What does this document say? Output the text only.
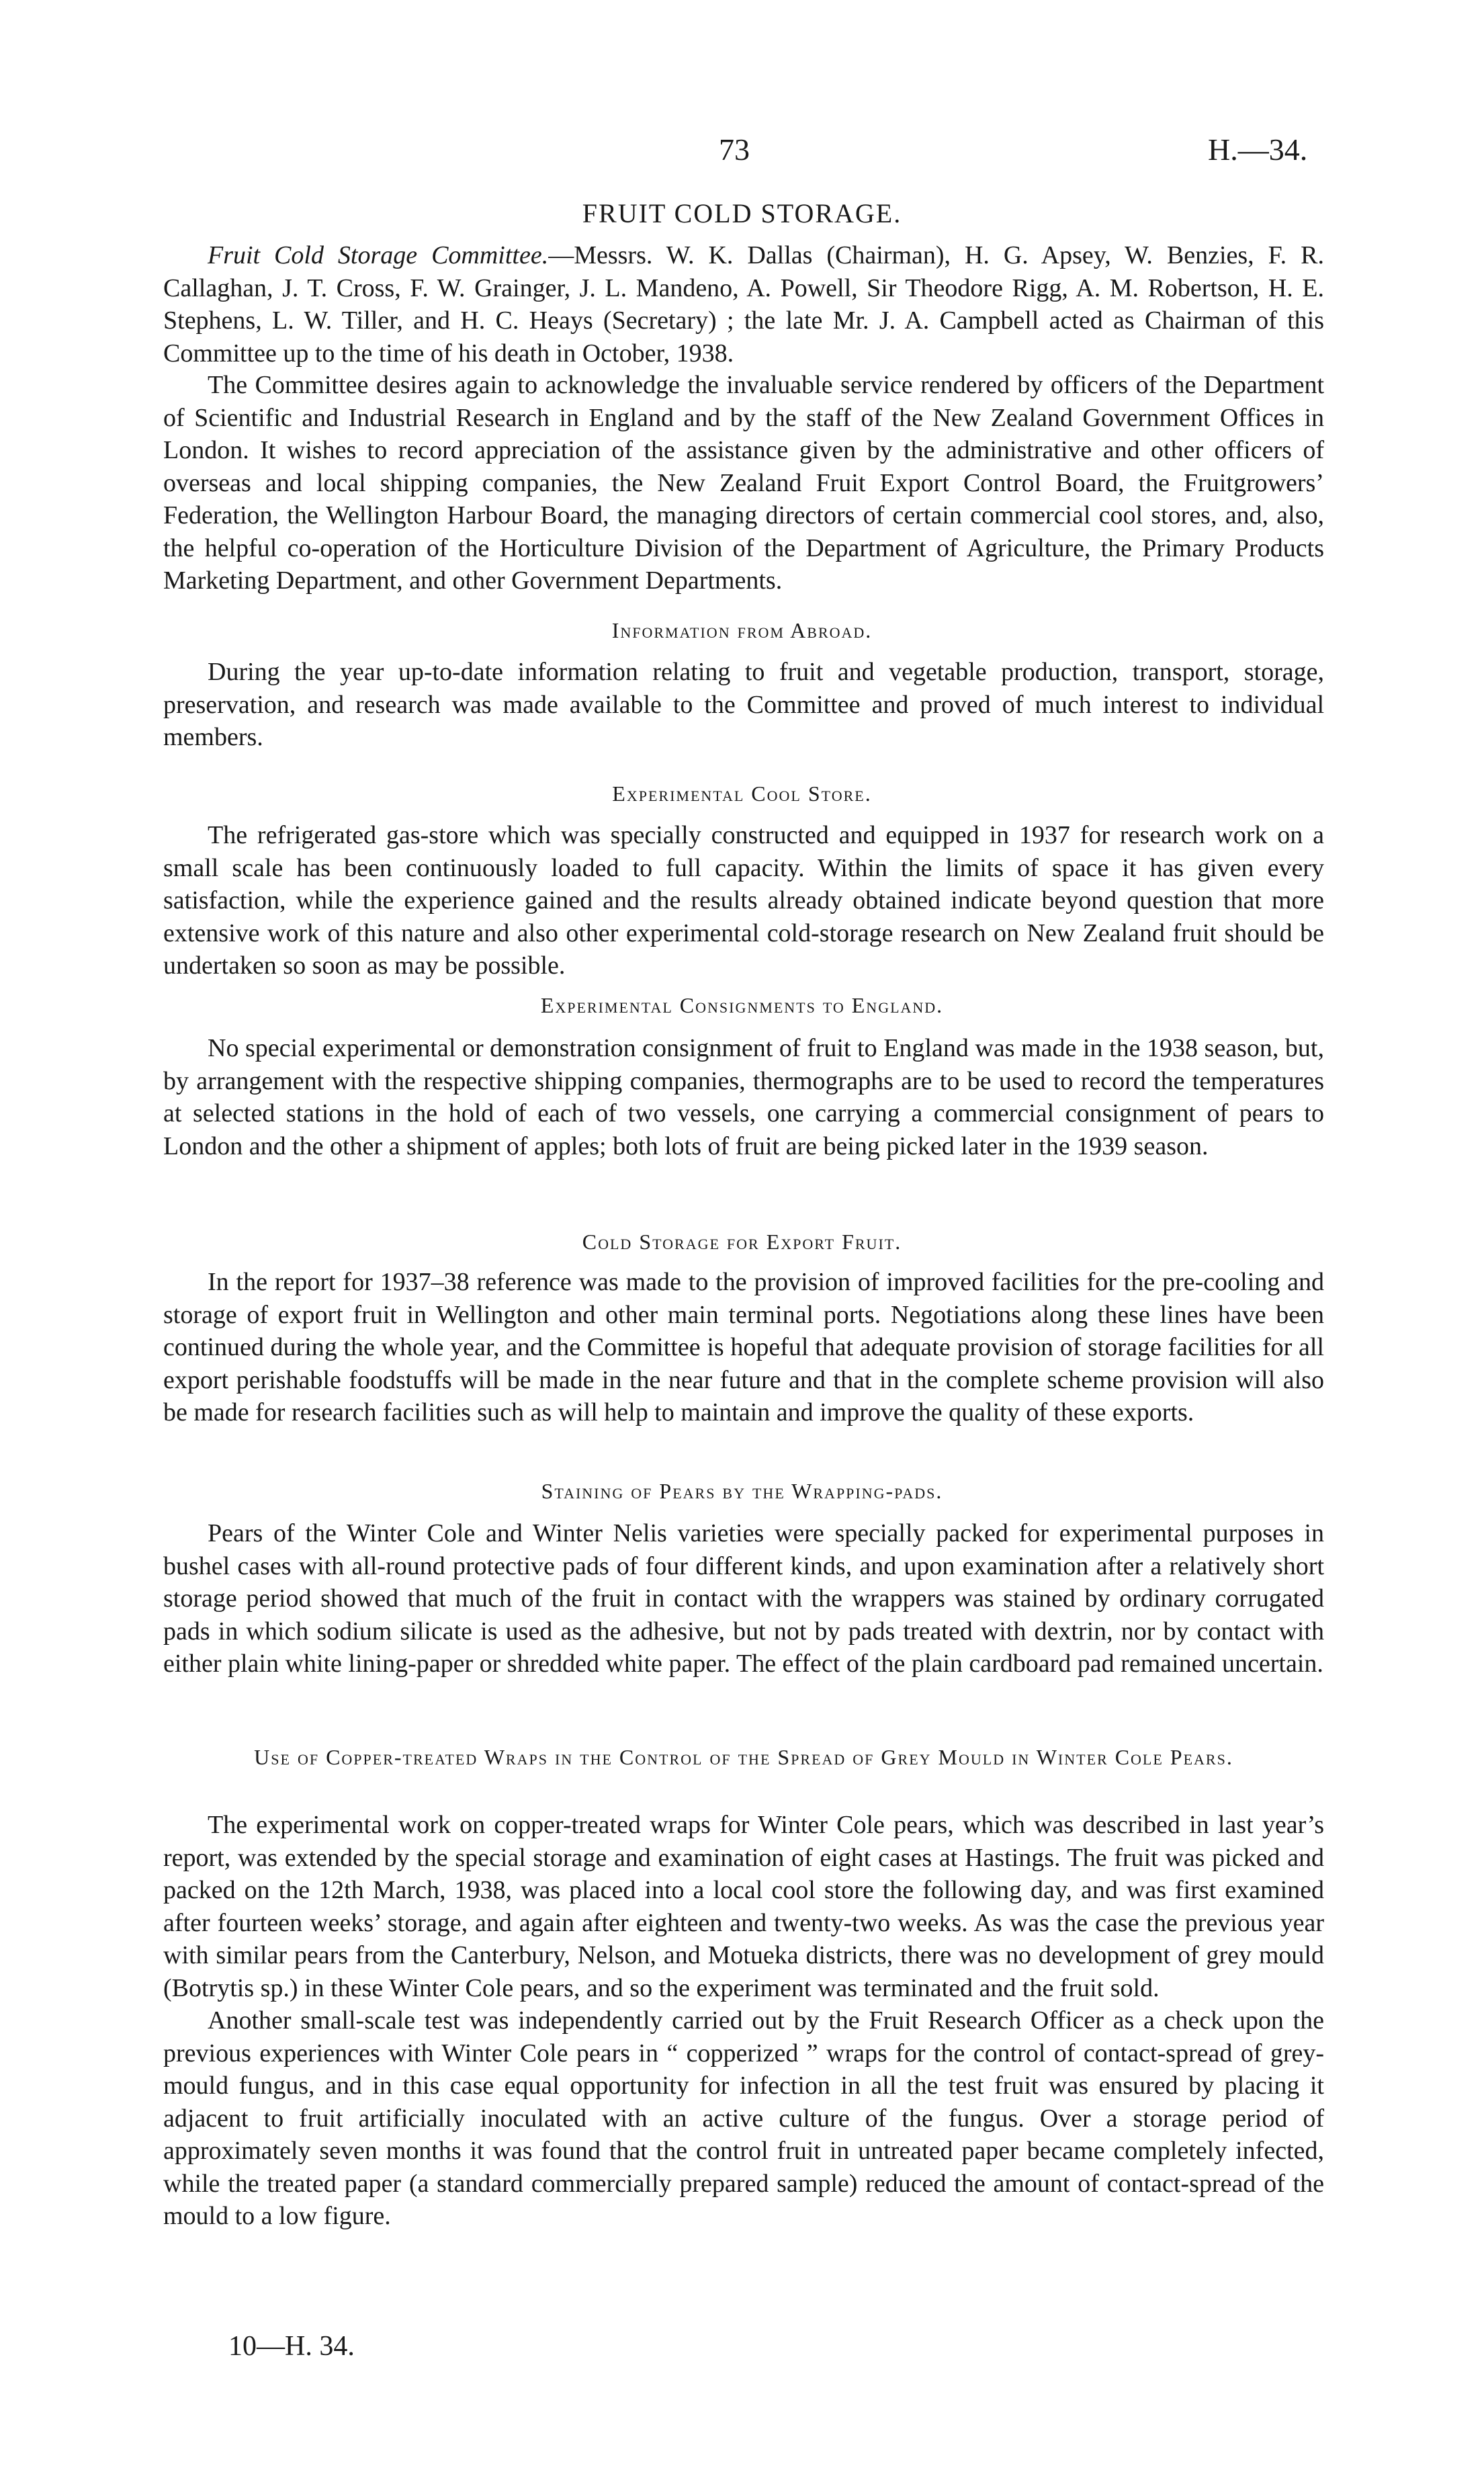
73	H.—34.
FRUIT COLD STORAGE.

Fruit Cold Storage Committee.—Messrs. W. K. Dallas (Chairman), H. G. Apsey, W. Benzies, F. R. Callaghan, J. T. Cross, F. W. Grainger, J. L. Mandeno, A. Powell, Sir Theodore Rigg, A. M. Robertson, H. E. Stephens, L. W. Tiller, and H. C. Heays (Secretary) ; the late Mr. J. A. Campbell acted as Chairman of this Committee up to the time of his death in October, 1938.

The Committee desires again to acknowledge the invaluable service rendered by officers of the Department of Scientific and Industrial Research in England and by the staff of the New Zealand Government Offices in London. It wishes to record appreciation of the assistance given by the administrative and other officers of overseas and local shipping companies, the New Zealand Fruit Export Control Board, the Fruitgrowers’ Federation, the Wellington Harbour Board, the managing directors of certain commercial cool stores, and, also, the helpful co-operation of the Horticulture Division of the Department of Agriculture, the Primary Products Marketing Department, and other Government Departments.

Information from Abroad.

During the year up-to-date information relating to fruit and vegetable production, transport, storage, preservation, and research was made available to the Committee and proved of much interest to individual members.

Experimental Cool Store.

The refrigerated gas-store which was specially constructed and equipped in 1937 for research work on a small scale has been continuously loaded to full capacity. Within the limits of space it has given every satisfaction, while the experience gained and the results already obtained indicate beyond question that more extensive work of this nature and also other experimental cold-storage research on New Zealand fruit should be undertaken so soon as may be possible.

Experimental Consignments to England.

No special experimental or demonstration consignment of fruit to England was made in the 1938 season, but, by arrangement with the respective shipping companies, thermographs are to be used to record the temperatures at selected stations in the hold of each of two vessels, one carrying a commercial consignment of pears to London and the other a shipment of apples; both lots of fruit are being picked later in the 1939 season.

Cold Storage for Export Fruit.

In the report for 1937–38 reference was made to the provision of improved facilities for the pre-cooling and storage of export fruit in Wellington and other main terminal ports. Negotiations along these lines have been continued during the whole year, and the Committee is hopeful that adequate provision of storage facilities for all export perishable foodstuffs will be made in the near future and that in the complete scheme provision will also be made for research facilities such as will help to maintain and improve the quality of these exports.

Staining of Pears by the Wrapping-pads.

Pears of the Winter Cole and Winter Nelis varieties were specially packed for experimental purposes in bushel cases with all-round protective pads of four different kinds, and upon examination after a relatively short storage period showed that much of the fruit in contact with the wrappers was stained by ordinary corrugated pads in which sodium silicate is used as the adhesive, but not by pads treated with dextrin, nor by contact with either plain white lining-paper or shredded white paper. The effect of the plain cardboard pad remained uncertain.

Use of Copper-treated Wraps in the Control of the Spread of Grey Mould in Winter Cole Pears.

The experimental work on copper-treated wraps for Winter Cole pears, which was described in last year’s report, was extended by the special storage and examination of eight cases at Hastings. The fruit was picked and packed on the 12th March, 1938, was placed into a local cool store the following day, and was first examined after fourteen weeks’ storage, and again after eighteen and twenty-two weeks. As was the case the previous year with similar pears from the Canterbury, Nelson, and Motueka districts, there was no development of grey mould (Botrytis sp.) in these Winter Cole pears, and so the experiment was terminated and the fruit sold.

Another small-scale test was independently carried out by the Fruit Research Officer as a check upon the previous experiences with Winter Cole pears in “ copperized ” wraps for the control of contact-spread of grey-mould fungus, and in this case equal opportunity for infection in all the test fruit was ensured by placing it adjacent to fruit artificially inoculated with an active culture of the fungus. Over a storage period of approximately seven months it was found that the control fruit in untreated paper became completely infected, while the treated paper (a standard commercially prepared sample) reduced the amount of contact-spread of the mould to a low figure.

10—H. 34.
